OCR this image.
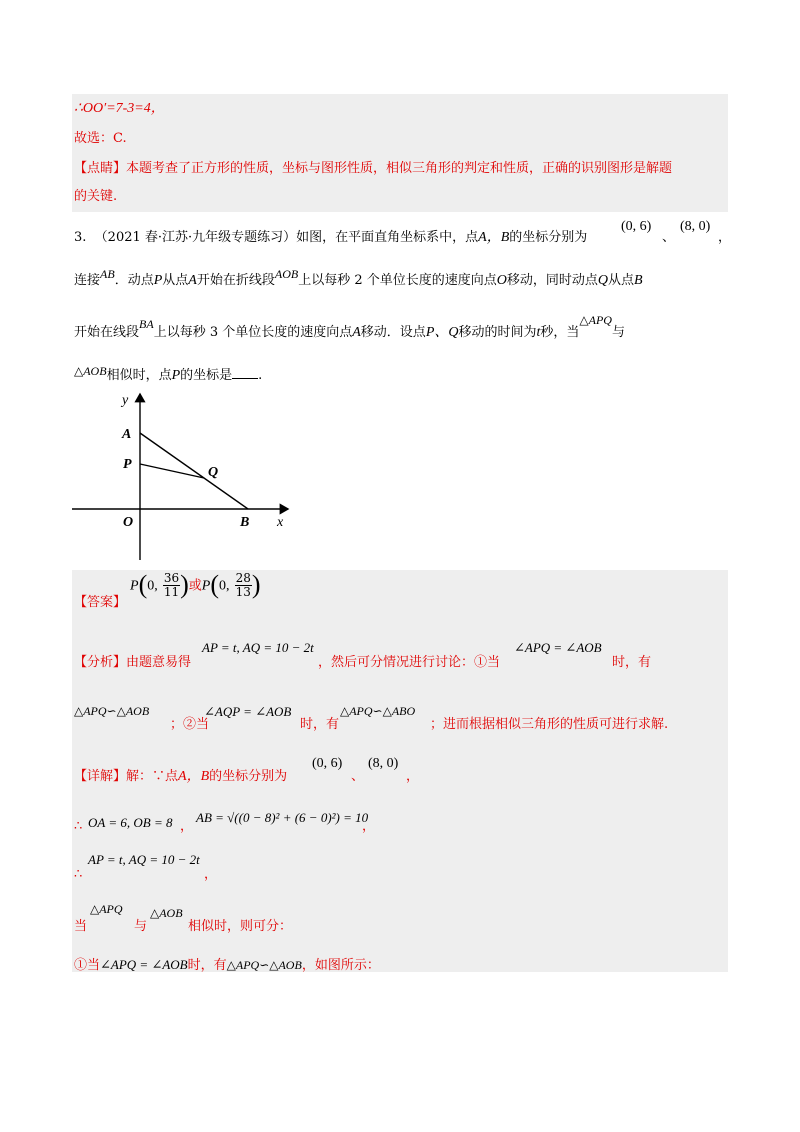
∴OO′=7-3=4，
故选：C.
【点睛】本题考查了正方形的性质，坐标与图形性质，相似三角形的判定和性质，正确的识别图形是解题
的关键.
3. （2021 春·江苏·九年级专题练习）如图，在平面直角坐标系中，点A，B的坐标分别为
(0, 6)
、
(8, 0)
，
连接AB．动点P从点A开始在折线段AOB上以每秒 2 个单位长度的速度向点O移动，同时动点Q从点B
开始在线段BA上以每秒 3 个单位长度的速度向点A移动．设点P、Q移动的时间为t秒，当△APQ与
△AOB相似时，点P的坐标是 .
y
A
P
Q
O	B x
【答案】
P(0, $\frac{36}{11}$ )或P(0, $\frac{28}{13}$ )
【分析】由题意易得
AP = t, AQ = 10 − 2t
，然后可分情况进行讨论：①当
∠APQ = ∠AOB
时，有
△APQ∽△AOB
；②当
∠AQP = ∠AOB
时，有
△APQ∽△ABO
；进而根据相似三角形的性质可进行求解.
【详解】解：∵点A，B的坐标分别为
(0, 6)
、
(8, 0)
，
∴ OA = 6, OB = 8 ，
AB = √((0 − 8)² + (6 − 0)²) = 10
，
AP = t, AQ = 10 − 2t
∴	，
当
△APQ
与
△AOB
相似时，则可分：
①当∠APQ = ∠AOB时，有△APQ∽△AOB，如图所示：
